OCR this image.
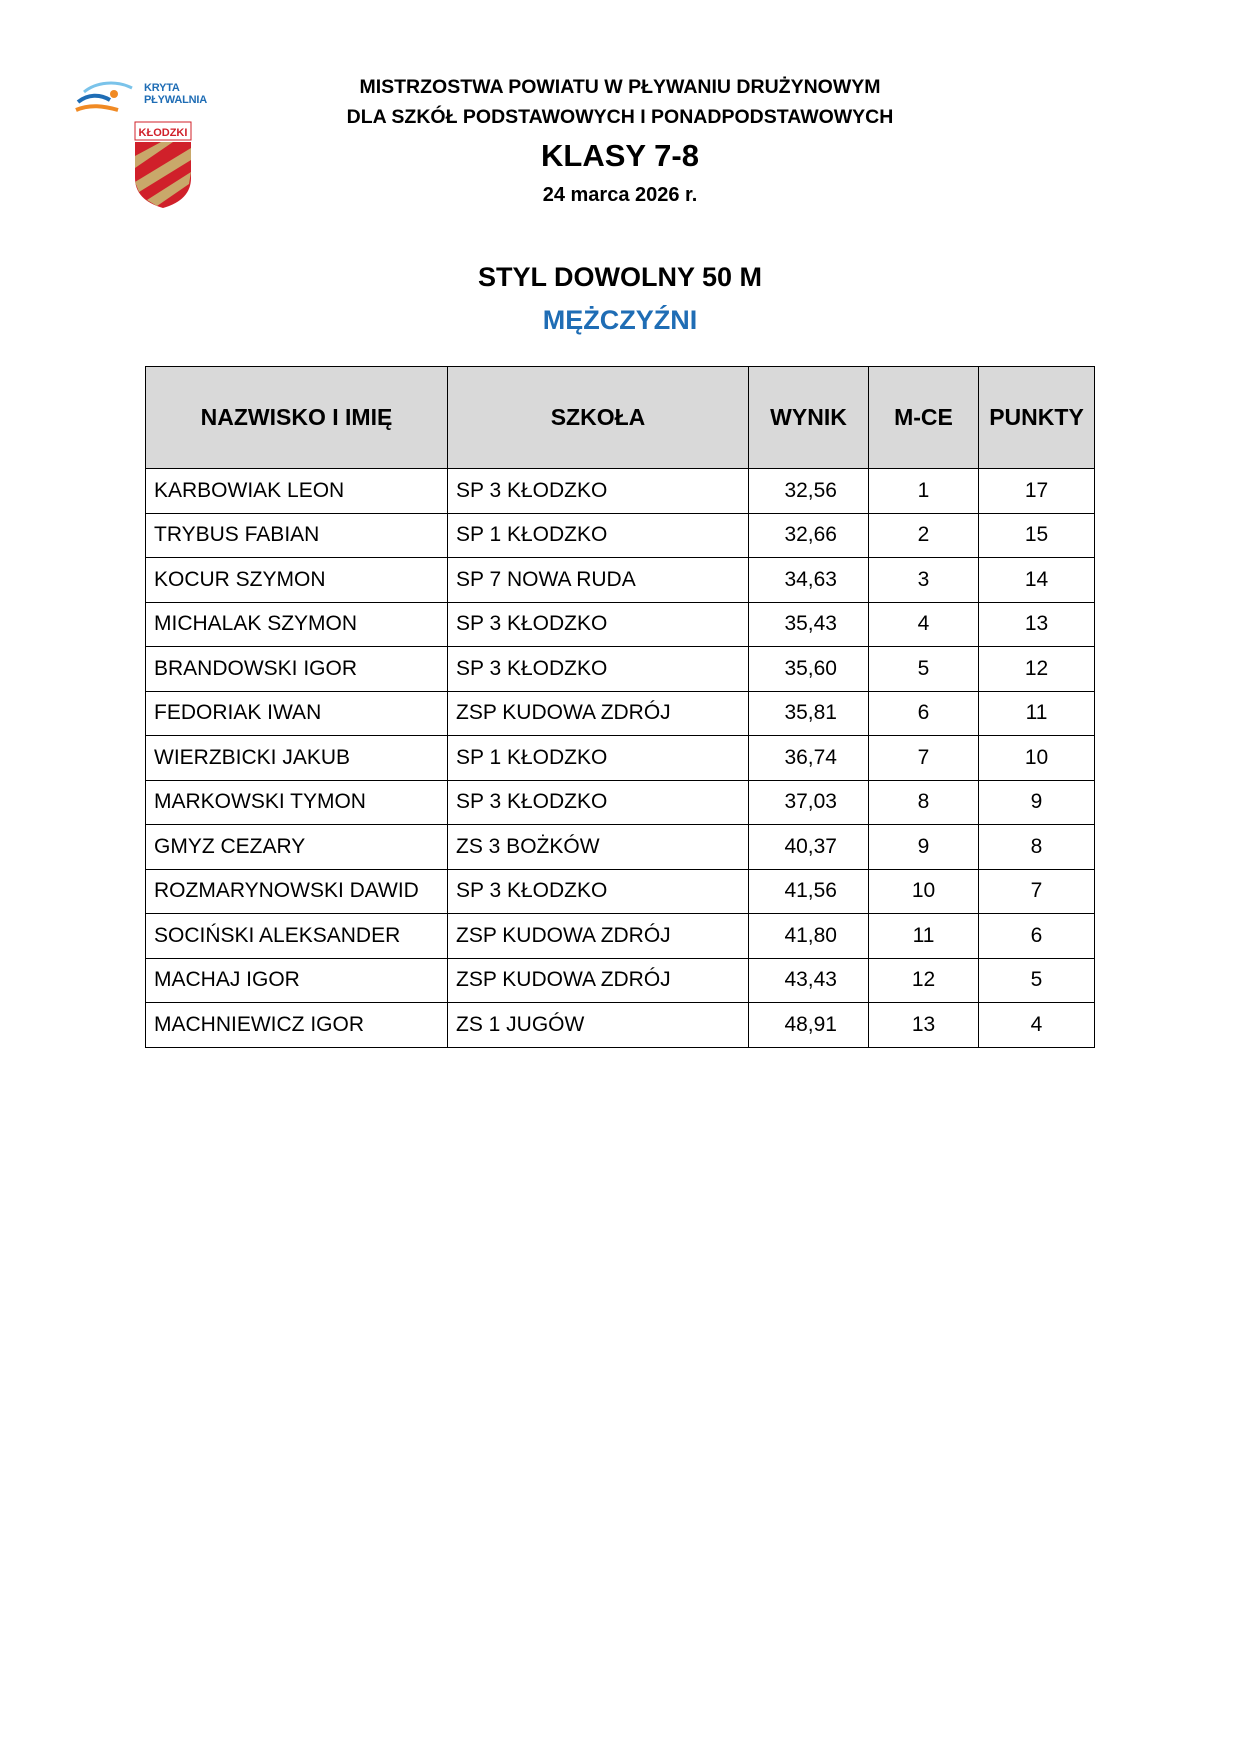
KRYTA PŁYWALNIA
KŁODZKI
MISTRZOSTWA POWIATU W PŁYWANIU DRUŻYNOWYM
DLA SZKÓŁ PODSTAWOWYCH I PONADPODSTAWOWYCH
KLASY 7-8
24 marca 2026 r.
STYL DOWOLNY 50 M
MĘŻCZYŹNI
NAZWISKO I IMIĘ	SZKOŁA	WYNIK	M-CE	PUNKTY
KARBOWIAK LEON	SP 3 KŁODZKO	32,56	1	17
TRYBUS FABIAN	SP 1 KŁODZKO	32,66	2	15
KOCUR SZYMON	SP 7 NOWA RUDA	34,63	3	14
MICHALAK SZYMON	SP 3 KŁODZKO	35,43	4	13
BRANDOWSKI IGOR	SP 3 KŁODZKO	35,60	5	12
FEDORIAK IWAN	ZSP KUDOWA ZDRÓJ	35,81	6	11
WIERZBICKI JAKUB	SP 1 KŁODZKO	36,74	7	10
MARKOWSKI TYMON	SP 3 KŁODZKO	37,03	8	9
GMYZ CEZARY	ZS 3 BOŻKÓW	40,37	9	8
ROZMARYNOWSKI DAWID	SP 3 KŁODZKO	41,56	10	7
SOCIŃSKI ALEKSANDER	ZSP KUDOWA ZDRÓJ	41,80	11	6
MACHAJ IGOR	ZSP KUDOWA ZDRÓJ	43,43	12	5
MACHNIEWICZ IGOR	ZS 1 JUGÓW	48,91	13	4
